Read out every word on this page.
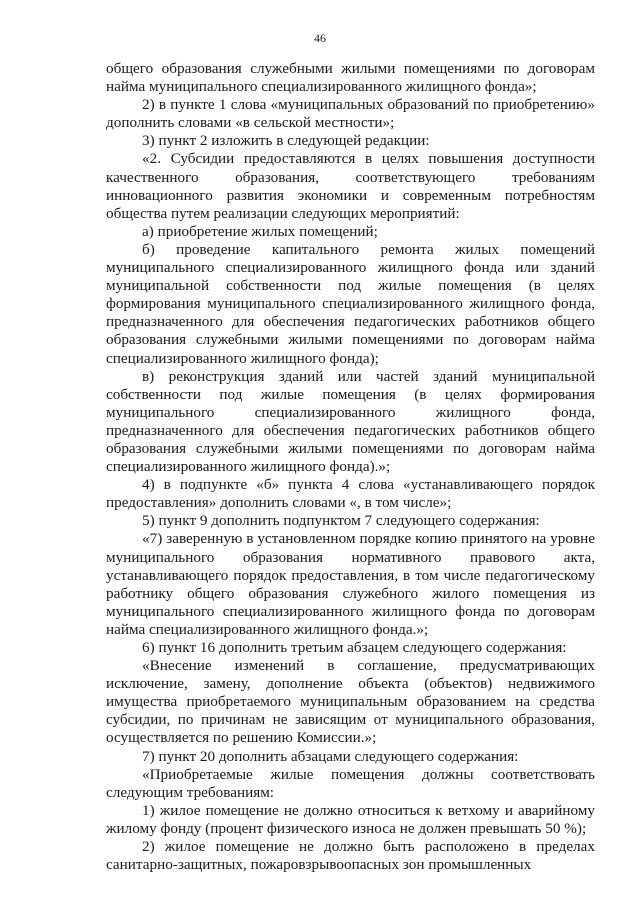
46

общего образования служебными жилыми помещениями по договорам найма муниципального специализированного жилищного фонда»;

2) в пункте 1 слова «муниципальных образований по приобретению» дополнить словами «в сельской местности»;

3) пункт 2 изложить в следующей редакции:

«2. Субсидии предоставляются в целях повышения доступности качественного образования, соответствующего требованиям инновационного развития экономики и современным потребностям общества путем реализации следующих мероприятий:

а) приобретение жилых помещений;

б) проведение капитального ремонта жилых помещений муниципального специализированного жилищного фонда или зданий муниципальной собственности под жилые помещения (в целях формирования муниципального специализированного жилищного фонда, предназначенного для обеспечения педагогических работников общего образования служебными жилыми помещениями по договорам найма специализированного жилищного фонда);

в) реконструкция зданий или частей зданий муниципальной собственности под жилые помещения (в целях формирования муниципального специализированного жилищного фонда, предназначенного для обеспечения педагогических работников общего образования служебными жилыми помещениями по договорам найма специализированного жилищного фонда).»;

4) в подпункте «б» пункта 4 слова «устанавливающего порядок предоставления» дополнить словами «, в том числе»;

5) пункт 9 дополнить подпунктом 7 следующего содержания:

«7) заверенную в установленном порядке копию принятого на уровне муниципального образования нормативного правового акта, устанавливающего порядок предоставления, в том числе педагогическому работнику общего образования служебного жилого помещения из муниципального специализированного жилищного фонда по договорам найма специализированного жилищного фонда.»;

6) пункт 16 дополнить третьим абзацем следующего содержания:

«Внесение изменений в соглашение, предусматривающих исключение, замену, дополнение объекта (объектов) недвижимого имущества приобретаемого муниципальным образованием на средства субсидии, по причинам не зависящим от муниципального образования, осуществляется по решению Комиссии.»;

7) пункт 20 дополнить абзацами следующего содержания:

«Приобретаемые жилые помещения должны соответствовать следующим требованиям:

1) жилое помещение не должно относиться к ветхому и аварийному жилому фонду (процент физического износа не должен превышать 50 %);

2) жилое помещение не должно быть расположено в пределах санитарно-защитных, пожаровзрывоопасных зон промышленных
